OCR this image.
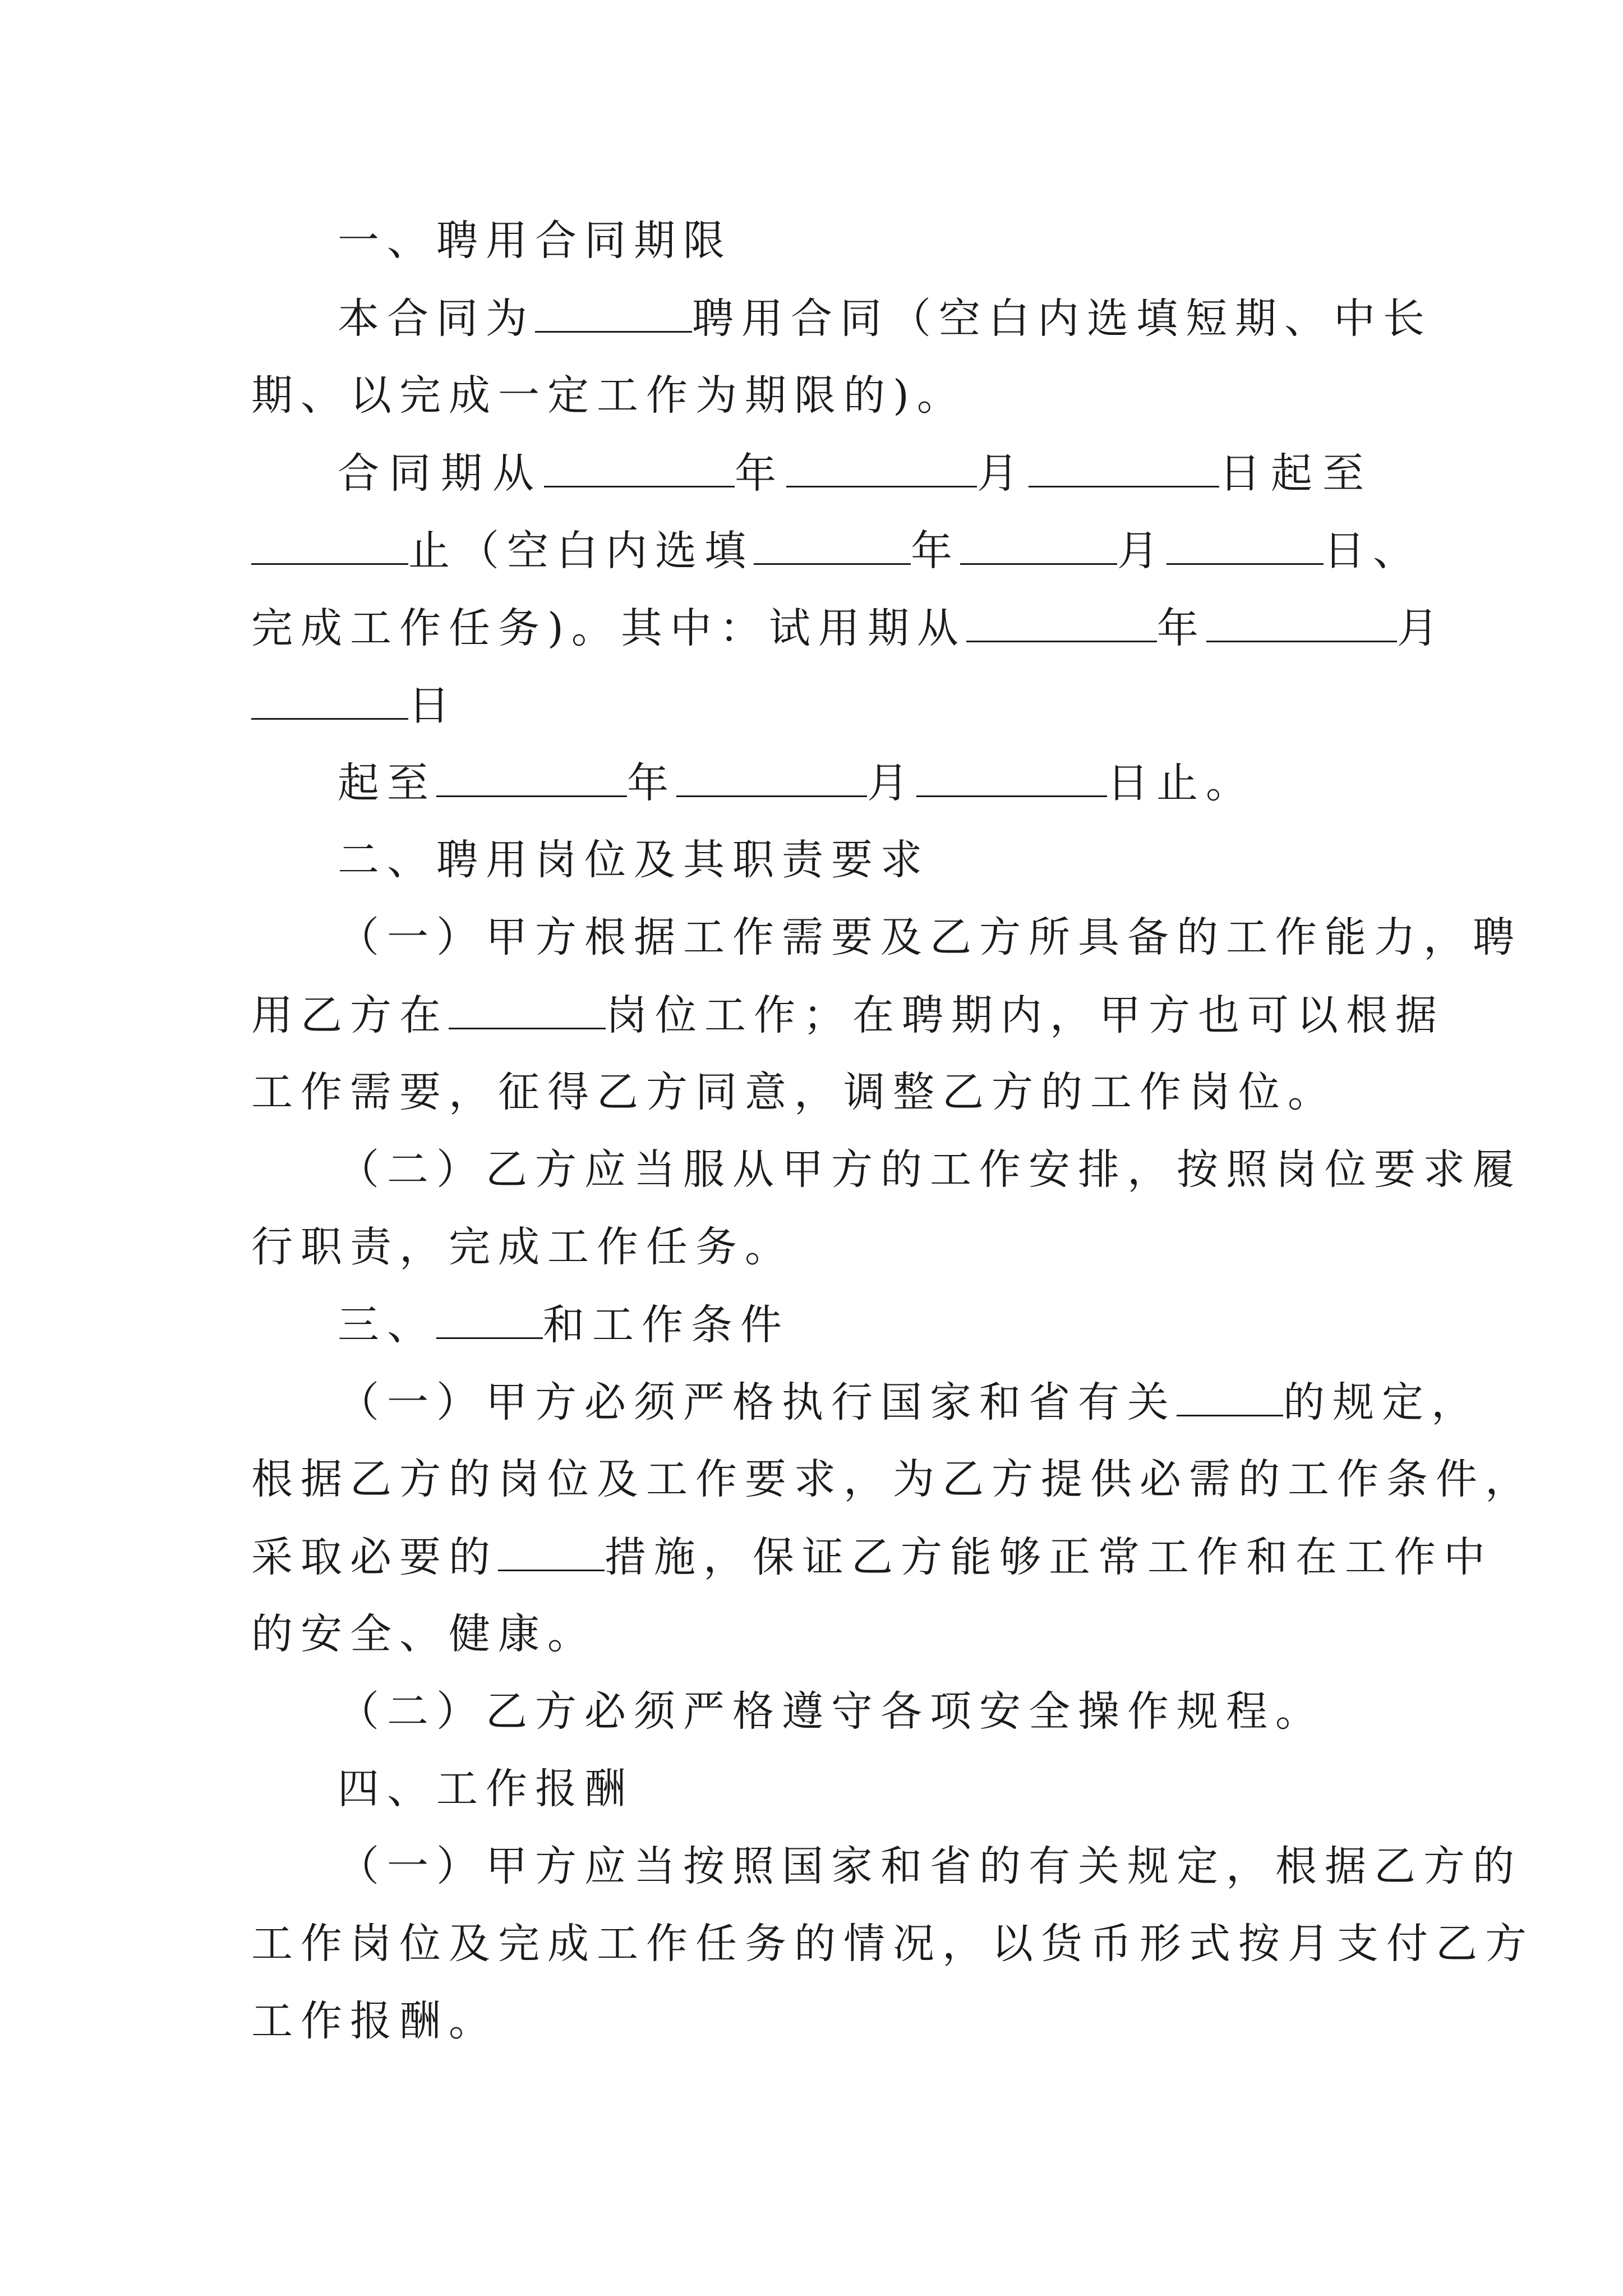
一、聘用合同期限
本合同为	聘用合同（空白内选填短期、中长
期、以完成一定工作为期限的)。
合同期从	年	月	日起至
止（空白内选填	年	月	日、
完成工作任务)。其中：试用期从	年	月
日
起至	年	月	日止。
二、聘用岗位及其职责要求
（一）甲方根据工作需要及乙方所具备的工作能力，聘
用乙方在	岗位工作；在聘期内，甲方也可以根据
工作需要，征得乙方同意，调整乙方的工作岗位。
（二）乙方应当服从甲方的工作安排，按照岗位要求履
行职责，完成工作任务。
三、	和工作条件
（一）甲方必须严格执行国家和省有关	的规定，
根据乙方的岗位及工作要求，为乙方提供必需的工作条件，
采取必要的	措施，保证乙方能够正常工作和在工作中
的安全、健康。
（二）乙方必须严格遵守各项安全操作规程。
四、工作报酬
（一）甲方应当按照国家和省的有关规定，根据乙方的
工作岗位及完成工作任务的情况，以货币形式按月支付乙方
工作报酬。
